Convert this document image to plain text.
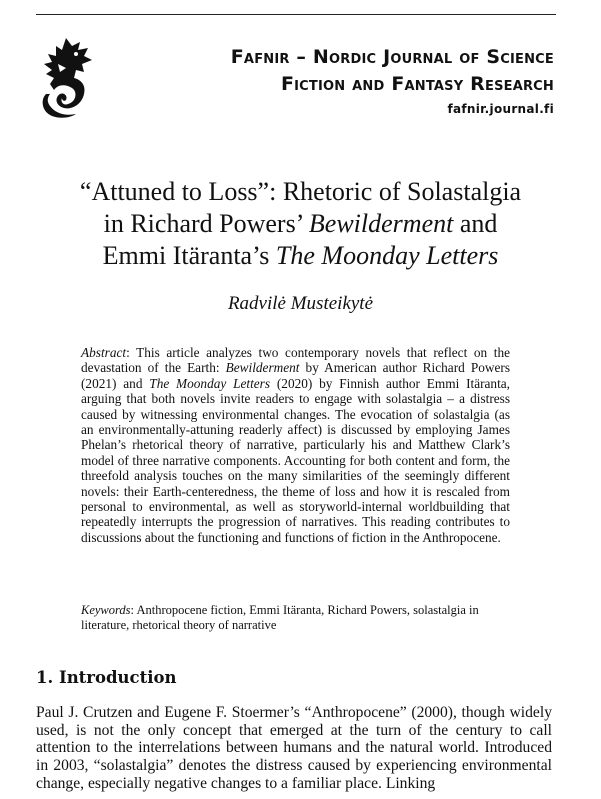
Fafnir – Nordic Journal of Science
Fiction and Fantasy Research
fafnir.journal.fi
“Attuned to Loss”: Rhetoric of Solastalgia
in Richard Powers’ Bewilderment and
Emmi Itäranta’s The Moonday Letters
Radvilė Musteikytė
Abstract: This article analyzes two contemporary novels that reflect on the devastation of the Earth: Bewilderment by American author Richard Powers (2021) and The Moonday Letters (2020) by Finnish author Emmi Itäranta, arguing that both novels invite readers to engage with solastalgia – a distress caused by witnessing environmental changes. The evocation of solastalgia (as an environmentally-attuning readerly affect) is discussed by employing James Phelan’s rhetorical theory of narrative, particularly his and Matthew Clark’s model of three narrative components. Accounting for both content and form, the threefold analysis touches on the many similarities of the seemingly different novels: their Earth-centeredness, the theme of loss and how it is rescaled from personal to environmental, as well as storyworld-internal worldbuilding that repeatedly interrupts the progression of narratives. This reading contributes to discussions about the functioning and functions of fiction in the Anthropocene.
Keywords: Anthropocene fiction, Emmi Itäranta, Richard Powers, solastalgia in literature, rhetorical theory of narrative
1. Introduction
Paul J. Crutzen and Eugene F. Stoermer’s “Anthropocene” (2000), though widely used, is not the only concept that emerged at the turn of the century to call attention to the interrelations between humans and the natural world. Introduced in 2003, “solastalgia” denotes the distress caused by experiencing environmental change, especially negative changes to a familiar place. Linking
